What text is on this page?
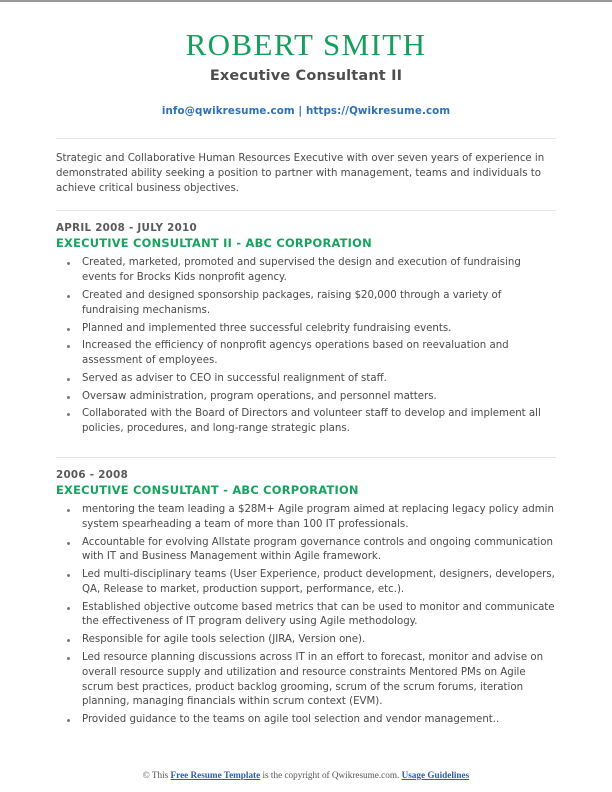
ROBERT SMITH
Executive Consultant II
info@qwikresume.com | https://Qwikresume.com
Strategic and Collaborative Human Resources Executive with over seven years of experience in demonstrated ability seeking a position to partner with management, teams and individuals to achieve critical business objectives.
APRIL 2008 - JULY 2010
EXECUTIVE CONSULTANT II - ABC CORPORATION
Created, marketed, promoted and supervised the design and execution of fundraising events for Brocks Kids nonprofit agency.
Created and designed sponsorship packages, raising $20,000 through a variety of fundraising mechanisms.
Planned and implemented three successful celebrity fundraising events.
Increased the efficiency of nonprofit agencys operations based on reevaluation and assessment of employees.
Served as adviser to CEO in successful realignment of staff.
Oversaw administration, program operations, and personnel matters.
Collaborated with the Board of Directors and volunteer staff to develop and implement all policies, procedures, and long-range strategic plans.
2006 - 2008
EXECUTIVE CONSULTANT - ABC CORPORATION
mentoring the team leading a $28M+ Agile program aimed at replacing legacy policy admin system spearheading a team of more than 100 IT professionals.
Accountable for evolving Allstate program governance controls and ongoing communication with IT and Business Management within Agile framework.
Led multi-disciplinary teams (User Experience, product development, designers, developers, QA, Release to market, production support, performance, etc.).
Established objective outcome based metrics that can be used to monitor and communicate the effectiveness of IT program delivery using Agile methodology.
Responsible for agile tools selection (JIRA, Version one).
Led resource planning discussions across IT in an effort to forecast, monitor and advise on overall resource supply and utilization and resource constraints Mentored PMs on Agile scrum best practices, product backlog grooming, scrum of the scrum forums, iteration planning, managing financials within scrum context (EVM).
Provided guidance to the teams on agile tool selection and vendor management..
© This Free Resume Template is the copyright of Qwikresume.com. Usage Guidelines
